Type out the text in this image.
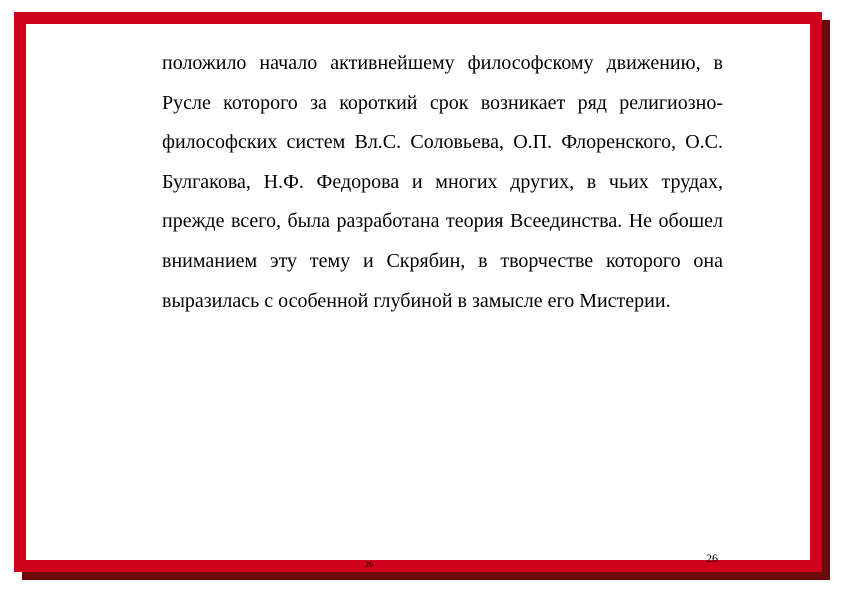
положило начало активнейшему философскому движению, в Русле которого за короткий срок возникает ряд религиозно-философских систем Вл.С. Соловьева, О.П. Флоренского, О.С. Булгакова, Н.Ф. Федорова и многих других, в чьих трудах, прежде всего, была разработана теория Всеединства. Не обошел вниманием эту тему и Скрябин, в творчестве которого она выразилась с особенной глубиной в замысле его Мистерии.

26	26
